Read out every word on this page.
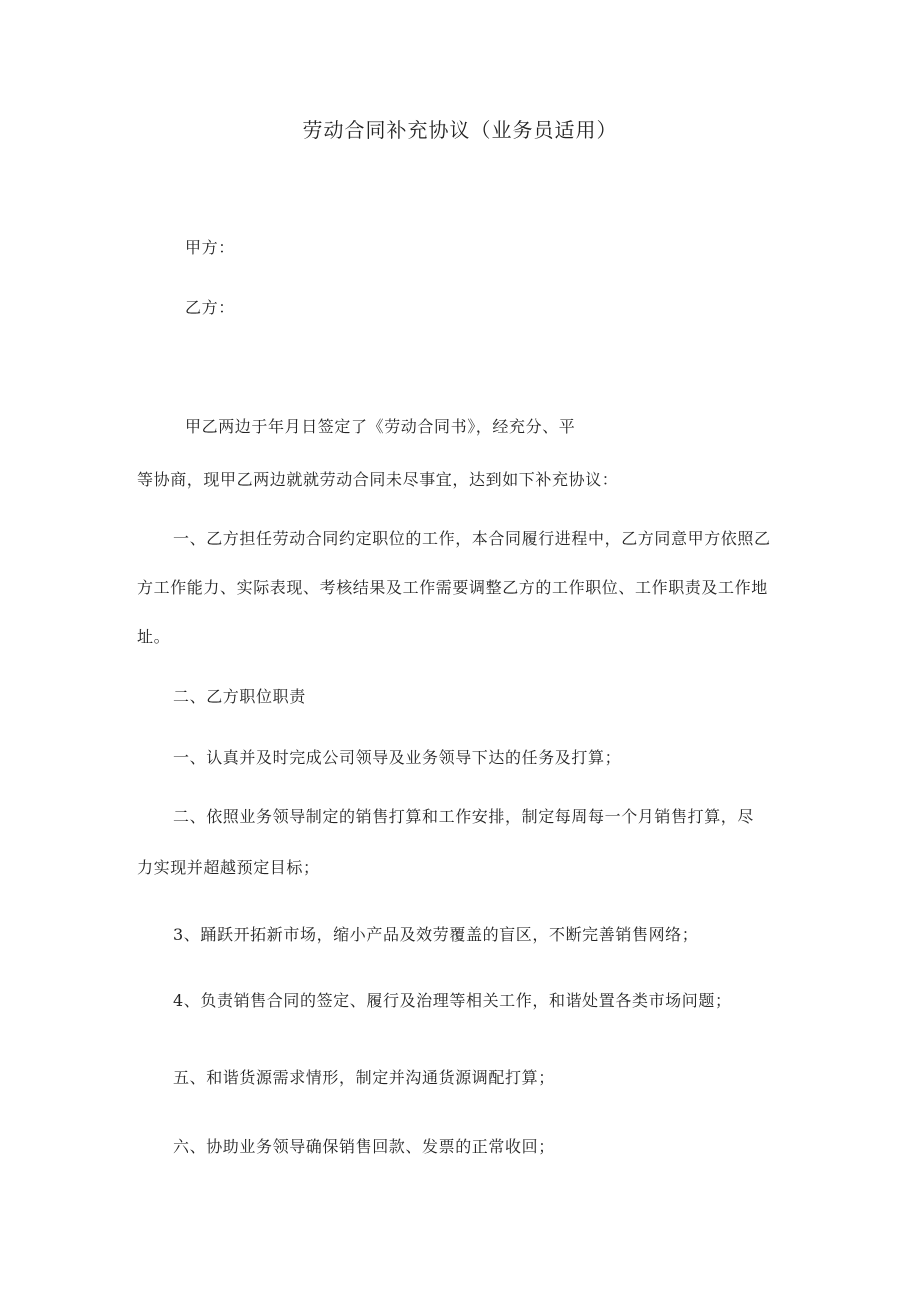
劳动合同补充协议（业务员适用）

甲方：

乙方：

甲乙两边于年月日签定了《劳动合同书》，经充分、平

等协商，现甲乙两边就就劳动合同未尽事宜，达到如下补充协议：

一、乙方担任劳动合同约定职位的工作，本合同履行进程中，乙方同意甲方依照乙

方工作能力、实际表现、考核结果及工作需要调整乙方的工作职位、工作职责及工作地

址。

二、乙方职位职责

一、认真并及时完成公司领导及业务领导下达的任务及打算；

二、依照业务领导制定的销售打算和工作安排，制定每周每一个月销售打算，尽

力实现并超越预定目标；

3、踊跃开拓新市场，缩小产品及效劳覆盖的盲区，不断完善销售网络；

4、负责销售合同的签定、履行及治理等相关工作，和谐处置各类市场问题；

五、和谐货源需求情形，制定并沟通货源调配打算；

六、协助业务领导确保销售回款、发票的正常收回；
